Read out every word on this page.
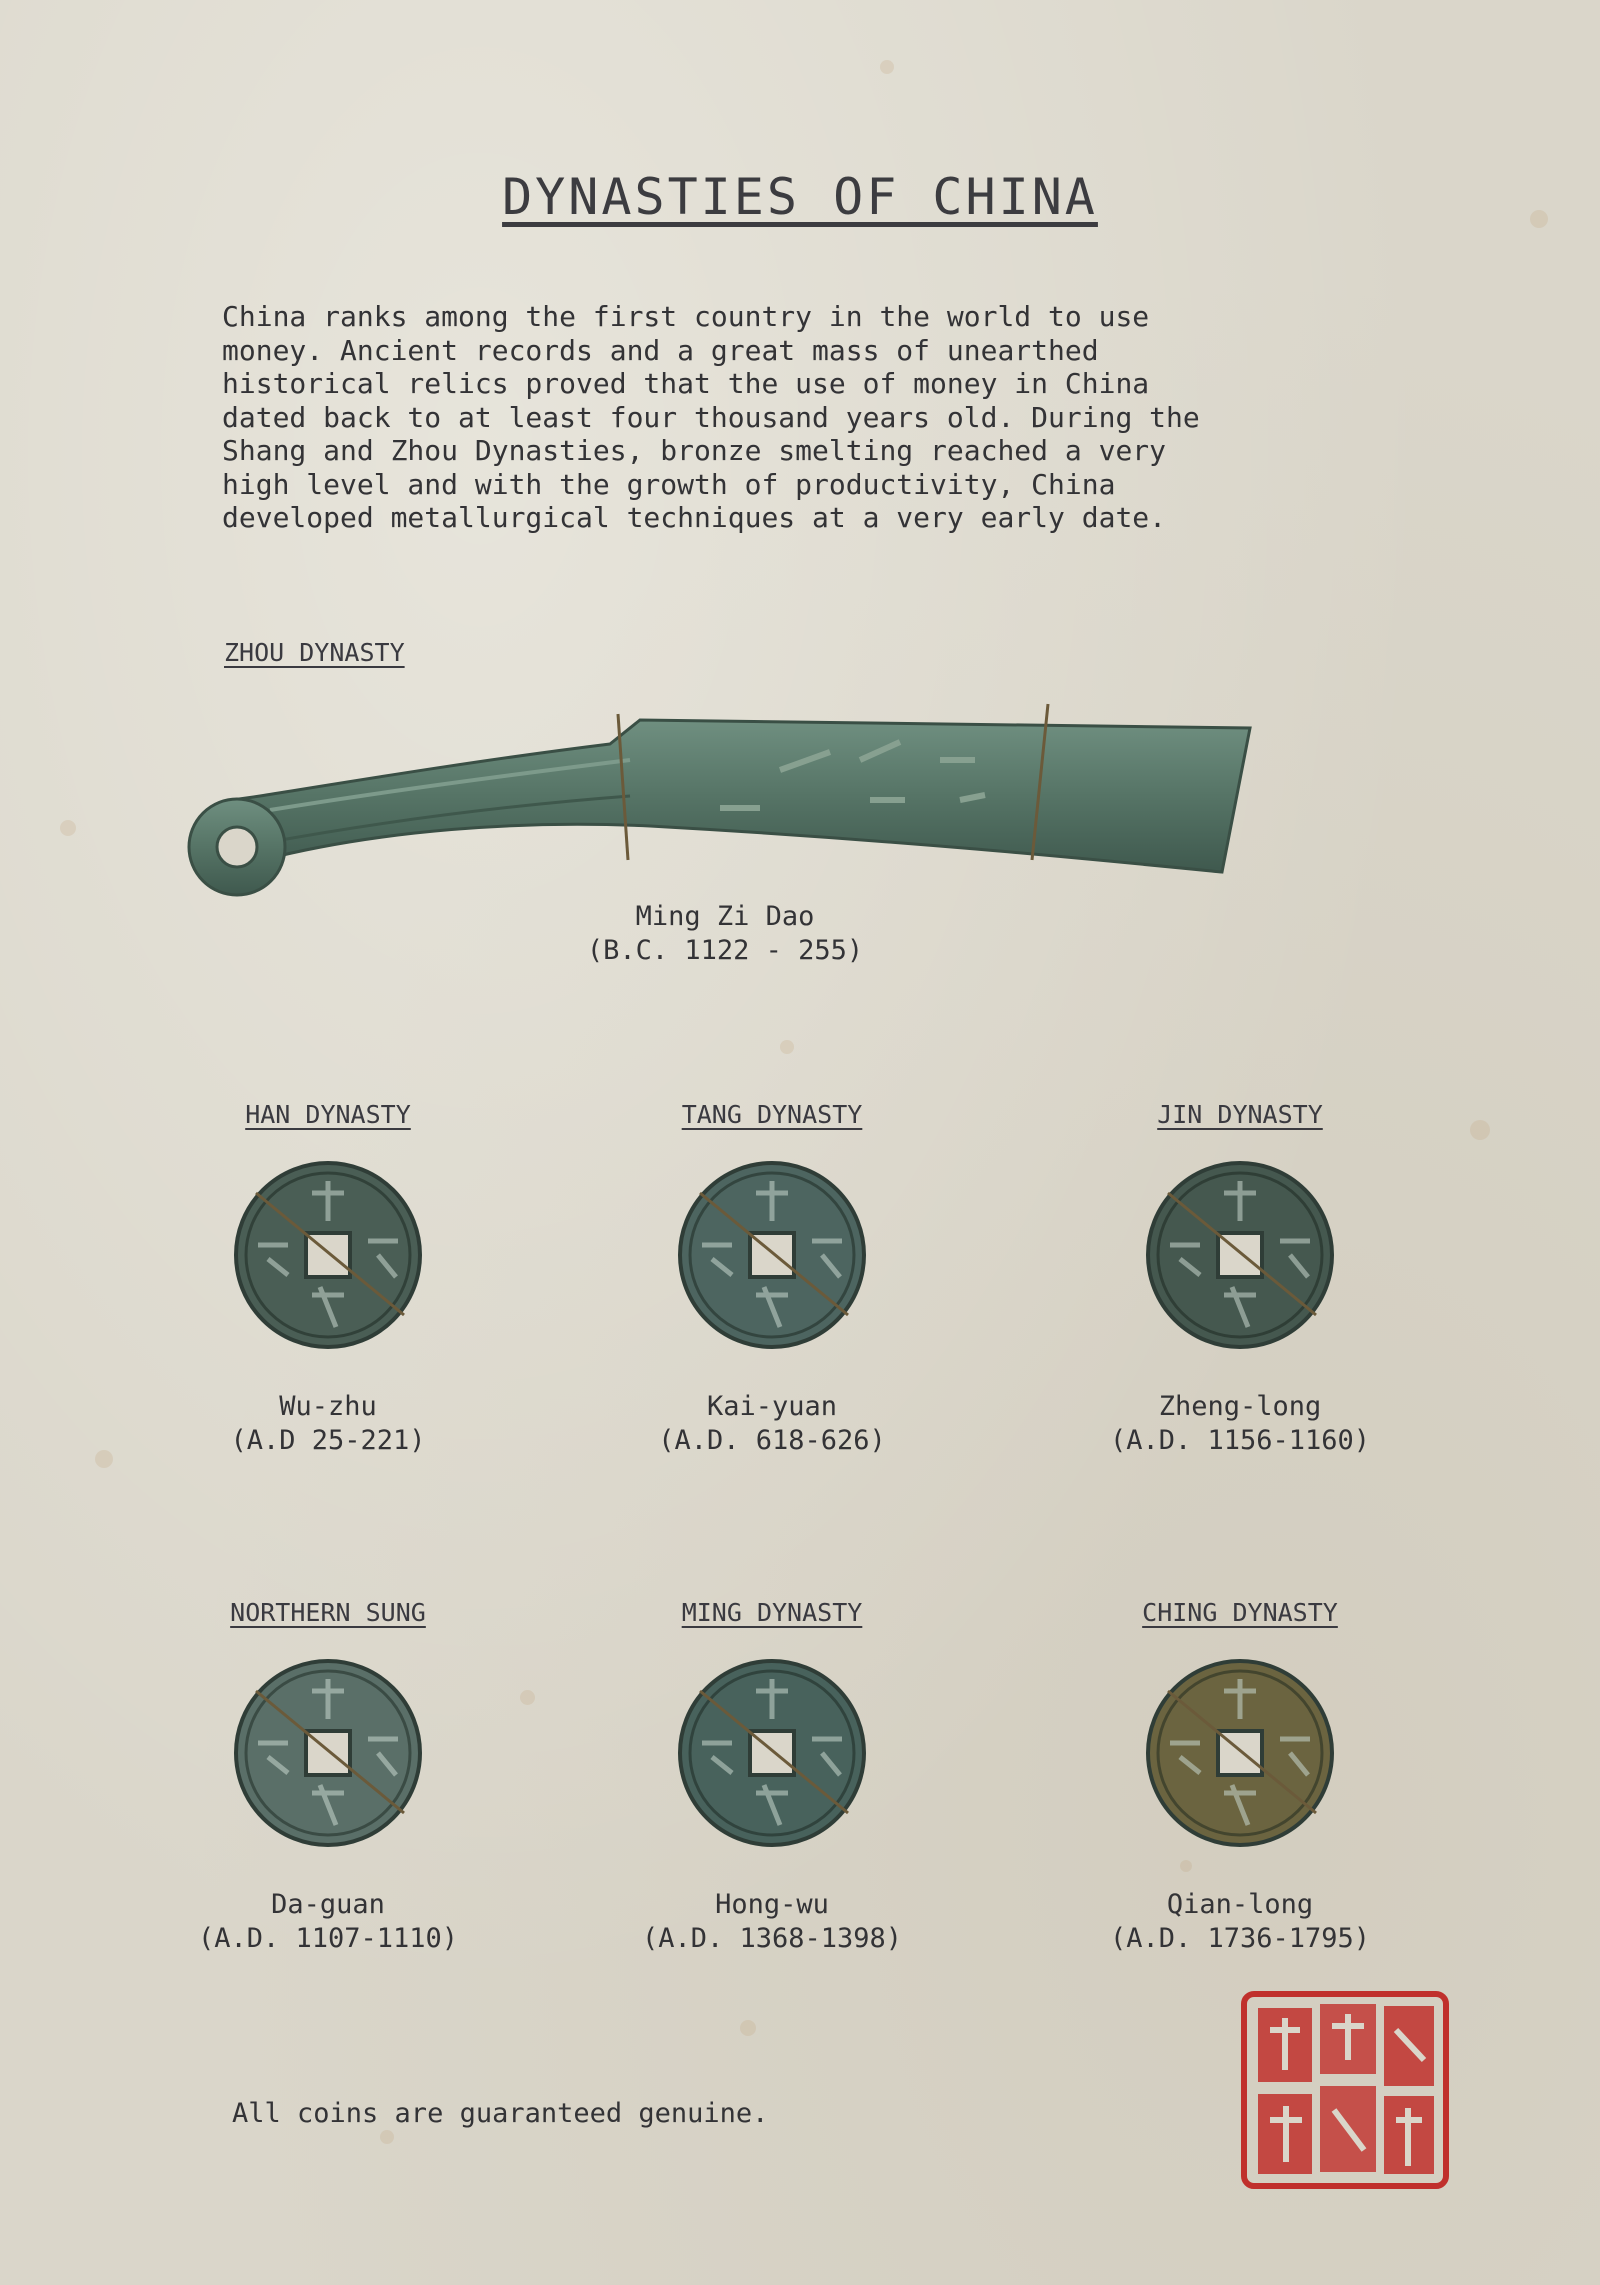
DYNASTIES OF CHINA
China ranks among the first country in the world to use
money. Ancient records and a great mass of unearthed
historical relics proved that the use of money in China
dated back to at least four thousand years old. During the
Shang and Zhou Dynasties, bronze smelting reached a very
high level and with the growth of productivity, China
developed metallurgical techniques at a very early date.
ZHOU DYNASTY
Ming Zi Dao
(B.C. 1122 - 255)
HAN DYNASTY
Wu-zhu
(A.D 25-221)
TANG DYNASTY
Kai-yuan
(A.D. 618-626)
JIN DYNASTY
Zheng-long
(A.D. 1156-1160)
NORTHERN SUNG
Da-guan
(A.D. 1107-1110)
MING DYNASTY
Hong-wu
(A.D. 1368-1398)
CHING DYNASTY
Qian-long
(A.D. 1736-1795)
All coins are guaranteed genuine.
